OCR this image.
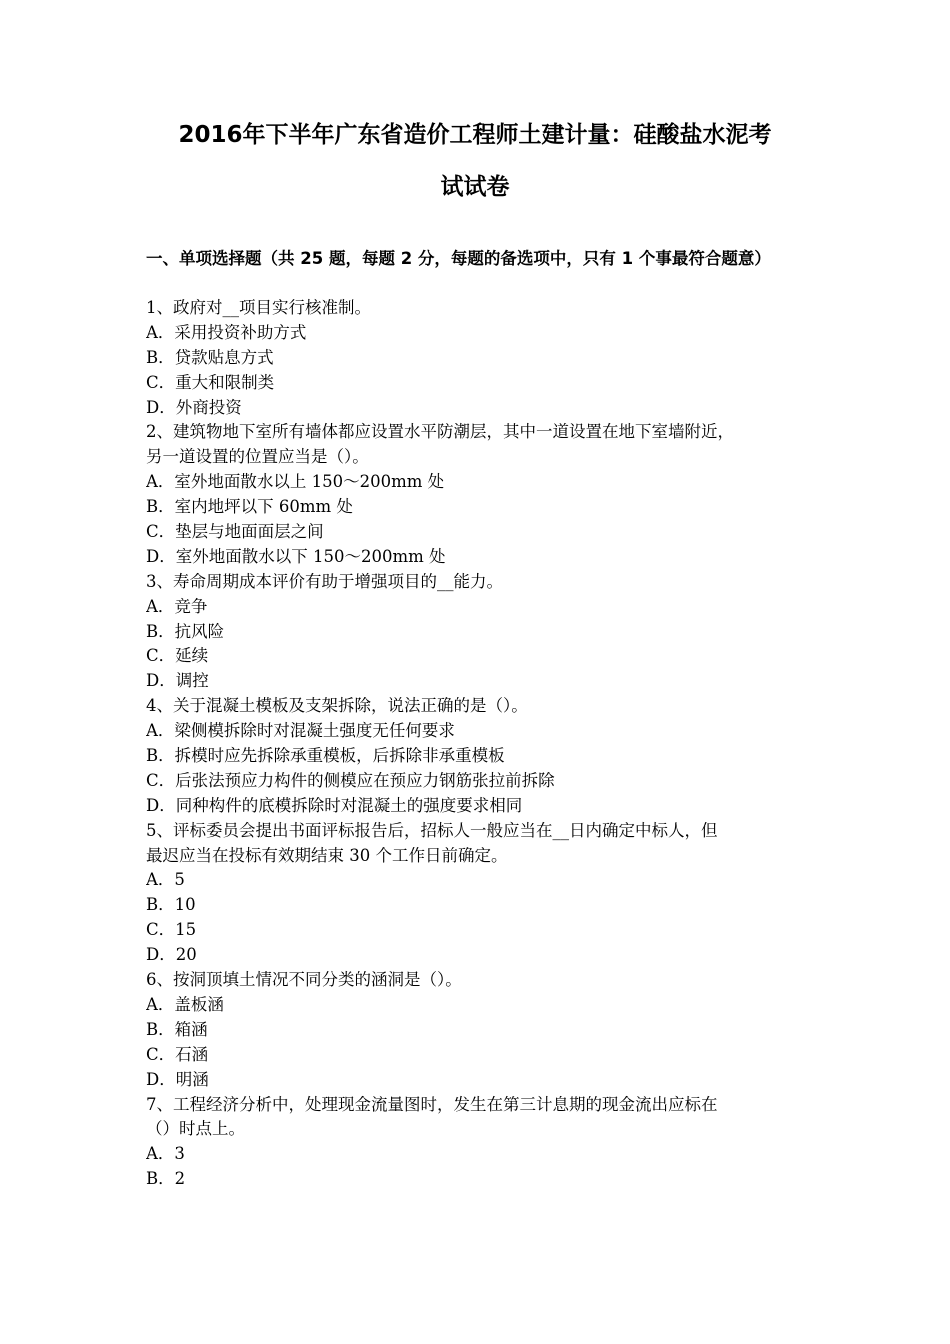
2016年下半年广东省造价工程师土建计量：硅酸盐水泥考
试试卷
一、单项选择题（共 25 题，每题 2 分，每题的备选项中，只有 1 个事最符合题意）
1、政府对__项目实行核准制。
A．采用投资补助方式
B．贷款贴息方式
C．重大和限制类
D．外商投资
2、建筑物地下室所有墙体都应设置水平防潮层，其中一道设置在地下室墙附近，
另一道设置的位置应当是（）。
A．室外地面散水以上 150～200mm 处
B．室内地坪以下 60mm 处
C．垫层与地面面层之间
D．室外地面散水以下 150～200mm 处
3、寿命周期成本评价有助于增强项目的__能力。
A．竞争
B．抗风险
C．延续
D．调控
4、关于混凝土模板及支架拆除，说法正确的是（）。
A．梁侧模拆除时对混凝土强度无任何要求
B．拆模时应先拆除承重模板，后拆除非承重模板
C．后张法预应力构件的侧模应在预应力钢筋张拉前拆除
D．同种构件的底模拆除时对混凝土的强度要求相同
5、评标委员会提出书面评标报告后，招标人一般应当在__日内确定中标人，但
最迟应当在投标有效期结束 30 个工作日前确定。
A．5
B．10
C．15
D．20
6、按洞顶填土情况不同分类的涵洞是（）。
A．盖板涵
B．箱涵
C．石涵
D．明涵
7、工程经济分析中，处理现金流量图时，发生在第三计息期的现金流出应标在
（）时点上。
A．3
B．2
